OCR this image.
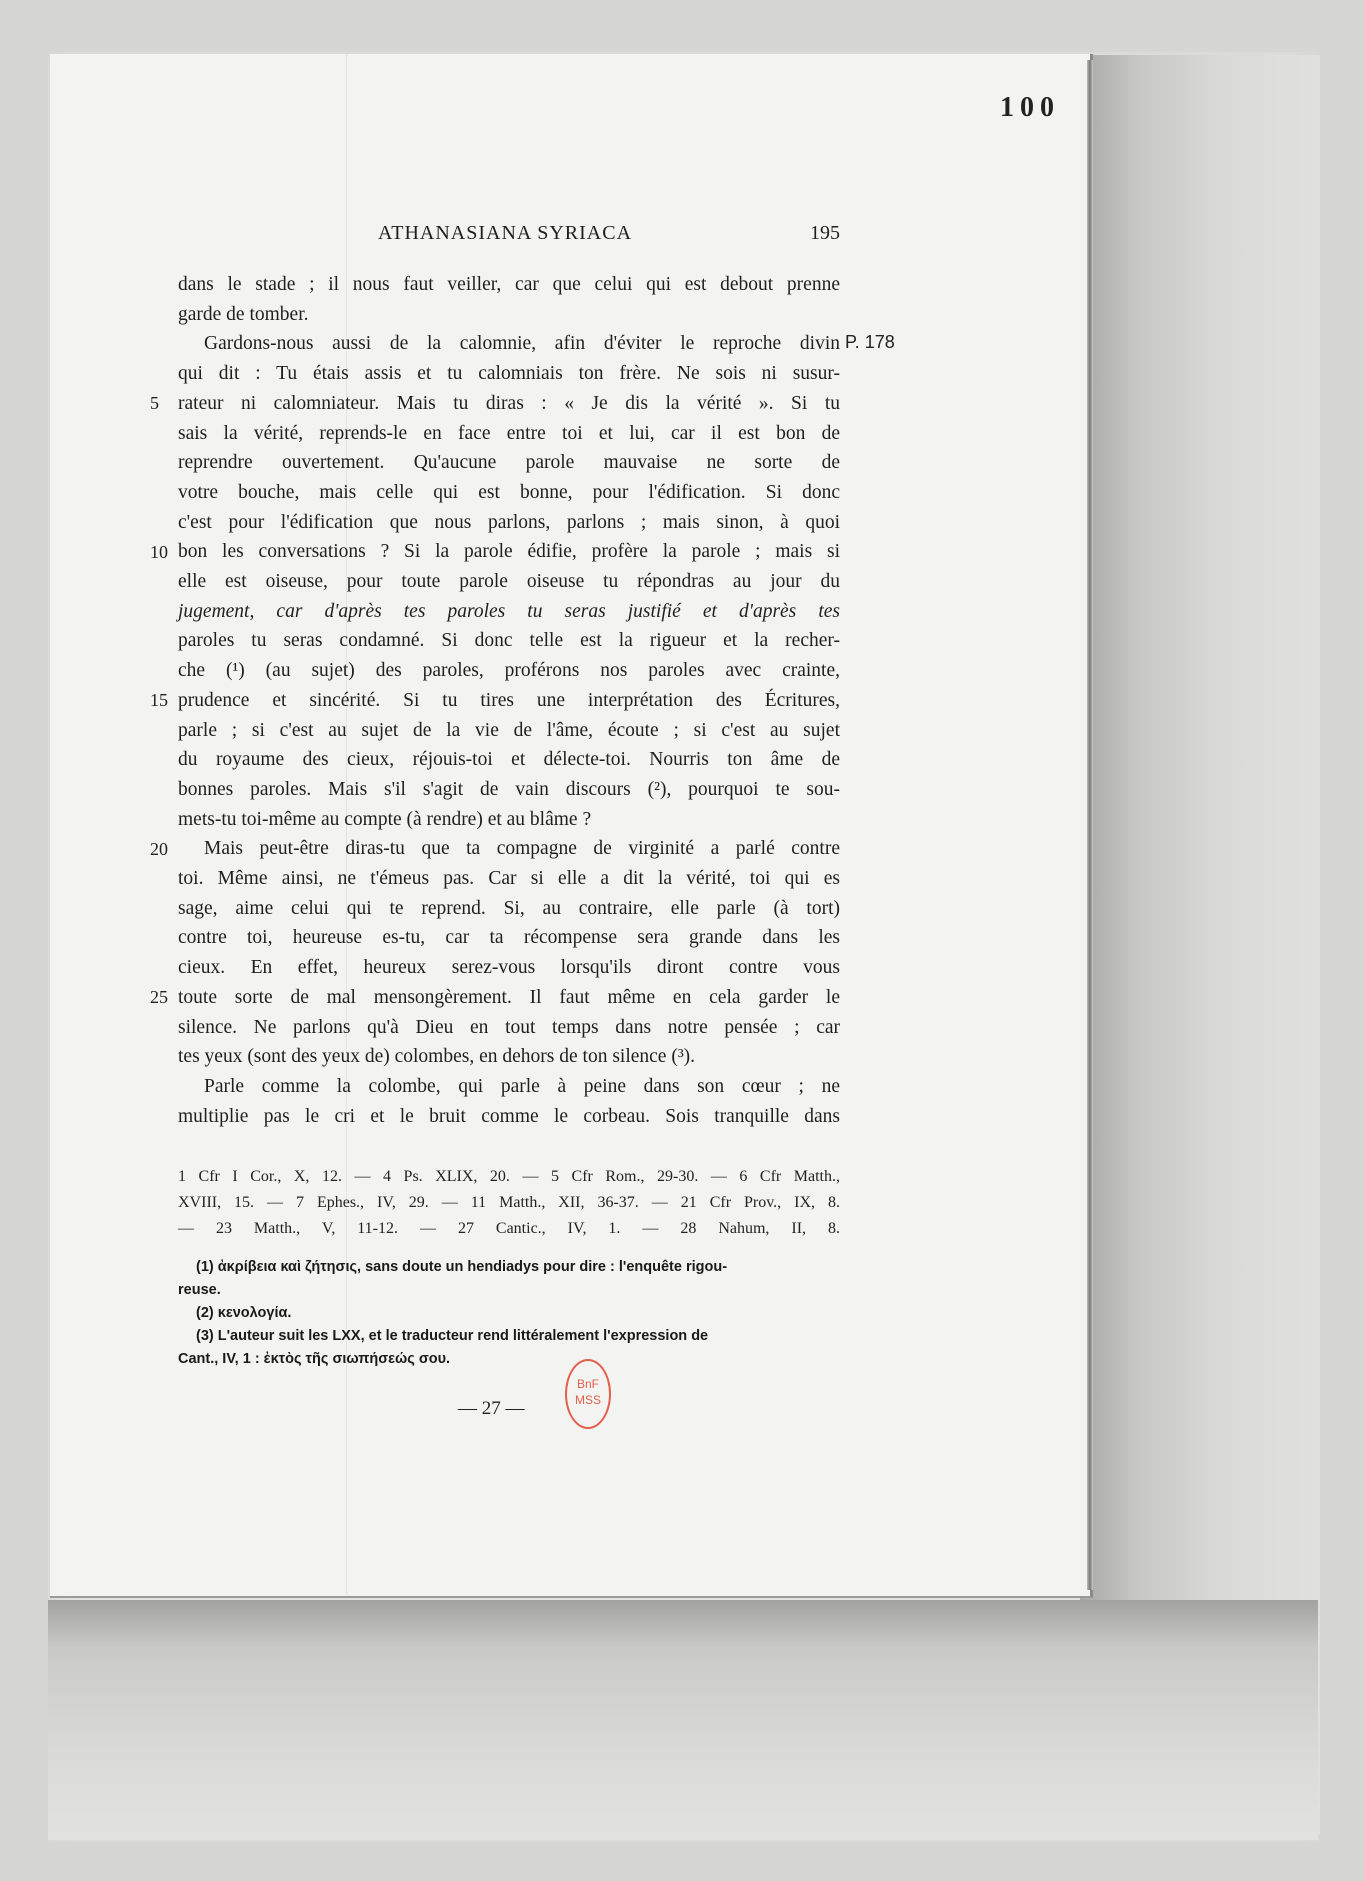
100
ATHANASIANA SYRIACA	195
P. 178
5
10
15
20
25
dans le stade ; il nous faut veiller, car que celui qui est debout prenne
garde de tomber.
Gardons-nous aussi de la calomnie, afin d'éviter le reproche divin
qui dit : Tu étais assis et tu calomniais ton frère. Ne sois ni susur-
rateur ni calomniateur. Mais tu diras : « Je dis la vérité ». Si tu
sais la vérité, reprends-le en face entre toi et lui, car il est bon de
reprendre ouvertement. Qu'aucune parole mauvaise ne sorte de
votre bouche, mais celle qui est bonne, pour l'édification. Si donc
c'est pour l'édification que nous parlons, parlons ; mais sinon, à quoi
bon les conversations ? Si la parole édifie, profère la parole ; mais si
elle est oiseuse, pour toute parole oiseuse tu répondras au jour du
jugement, car d'après tes paroles tu seras justifié et d'après tes
paroles tu seras condamné. Si donc telle est la rigueur et la recher-
che (¹) (au sujet) des paroles, proférons nos paroles avec crainte,
prudence et sincérité. Si tu tires une interprétation des Écritures,
parle ; si c'est au sujet de la vie de l'âme, écoute ; si c'est au sujet
du royaume des cieux, réjouis-toi et délecte-toi. Nourris ton âme de
bonnes paroles. Mais s'il s'agit de vain discours (²), pourquoi te sou-
mets-tu toi-même au compte (à rendre) et au blâme ?
Mais peut-être diras-tu que ta compagne de virginité a parlé contre
toi. Même ainsi, ne t'émeus pas. Car si elle a dit la vérité, toi qui es
sage, aime celui qui te reprend. Si, au contraire, elle parle (à tort)
contre toi, heureuse es-tu, car ta récompense sera grande dans les
cieux. En effet, heureux serez-vous lorsqu'ils diront contre vous
toute sorte de mal mensongèrement. Il faut même en cela garder le
silence. Ne parlons qu'à Dieu en tout temps dans notre pensée ; car
tes yeux (sont des yeux de) colombes, en dehors de ton silence (³).
Parle comme la colombe, qui parle à peine dans son cœur ; ne
multiplie pas le cri et le bruit comme le corbeau. Sois tranquille dans
1 Cfr I Cor., X, 12. — 4 Ps. XLIX, 20. — 5 Cfr Rom., 29-30. — 6 Cfr Matth.,
XVIII, 15. — 7 Ephes., IV, 29. — 11 Matth., XII, 36-37. — 21 Cfr Prov., IX, 8.
— 23 Matth., V, 11-12. — 27 Cantic., IV, 1. — 28 Nahum, II, 8.
(1) ἀκρίβεια καὶ ζήτησις, sans doute un hendiadys pour dire : l'enquête rigou-
reuse.
(2) κενολογία.
(3) L'auteur suit les LXX, et le traducteur rend littéralement l'expression de
Cant., IV, 1 : ἐκτὸς τῆς σιωπήσεώς σου.
— 27 —
BnF
MSS
